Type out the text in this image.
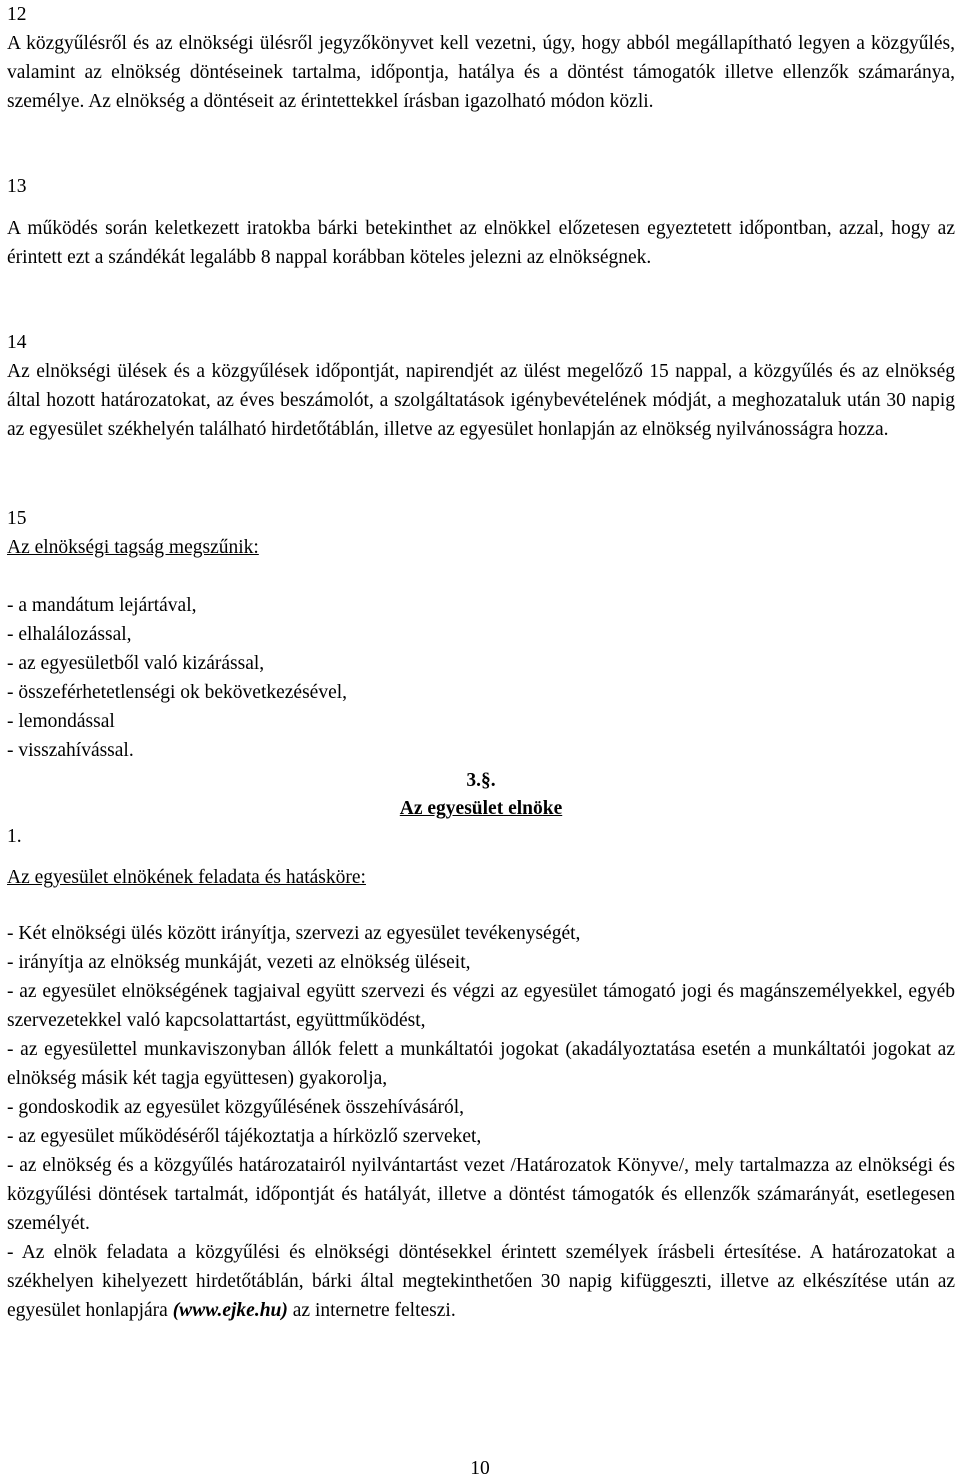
12

A közgyűlésről és az elnökségi ülésről jegyzőkönyvet kell vezetni, úgy, hogy abból megállapítható legyen a közgyűlés, valamint az elnökség döntéseinek tartalma, időpontja, hatálya és a döntést támogatók illetve ellenzők számaránya, személye. Az elnökség a döntéseit az érintettekkel írásban igazolható módon közli.

13

A működés során keletkezett iratokba bárki betekinthet az elnökkel előzetesen egyeztetett időpontban, azzal, hogy az érintett ezt a szándékát legalább 8 nappal korábban köteles jelezni az elnökségnek.

14

Az elnökségi ülések és a közgyűlések időpontját, napirendjét az ülést megelőző 15 nappal, a közgyűlés és az elnökség által hozott határozatokat, az éves beszámolót, a szolgáltatások igénybevételének módját, a meghozataluk után 30 napig az egyesület székhelyén található hirdetőtáblán, illetve az egyesület honlapján az elnökség nyilvánosságra hozza.

15

Az elnökségi tagság megszűnik:

- a mandátum lejártával,
- elhalálozással,
- az egyesületből való kizárással,
- összeférhetetlenségi ok bekövetkezésével,
- lemondással
- visszahívással.

3.§.

Az egyesület elnöke

1.

Az egyesület elnökének feladata és hatásköre:

- Két elnökségi ülés között irányítja, szervezi az egyesület tevékenységét,
- irányítja az elnökség munkáját, vezeti az elnökség üléseit,
- az egyesület elnökségének tagjaival együtt szervezi és végzi az egyesület támogató jogi és magánszemélyekkel, egyéb szervezetekkel való kapcsolattartást, együttműködést,
- az egyesülettel munkaviszonyban állók felett a munkáltatói jogokat (akadályoztatása esetén a munkáltatói jogokat az elnökség másik két tagja együttesen) gyakorolja,
- gondoskodik az egyesület közgyűlésének összehívásáról,
- az egyesület működéséről tájékoztatja a hírközlő szerveket,
- az elnökség és a közgyűlés határozatairól nyilvántartást vezet /Határozatok Könyve/, mely tartalmazza az elnökségi és közgyűlési döntések tartalmát, időpontját és hatályát, illetve a döntést támogatók és ellenzők számarányát, esetlegesen személyét.
- Az elnök feladata a közgyűlési és elnökségi döntésekkel érintett személyek írásbeli értesítése. A határozatokat a székhelyen kihelyezett hirdetőtáblán, bárki által megtekinthetően 30 napig kifüggeszti, illetve az elkészítése után az egyesület honlapjára (www.ejke.hu) az internetre felteszi.
10
